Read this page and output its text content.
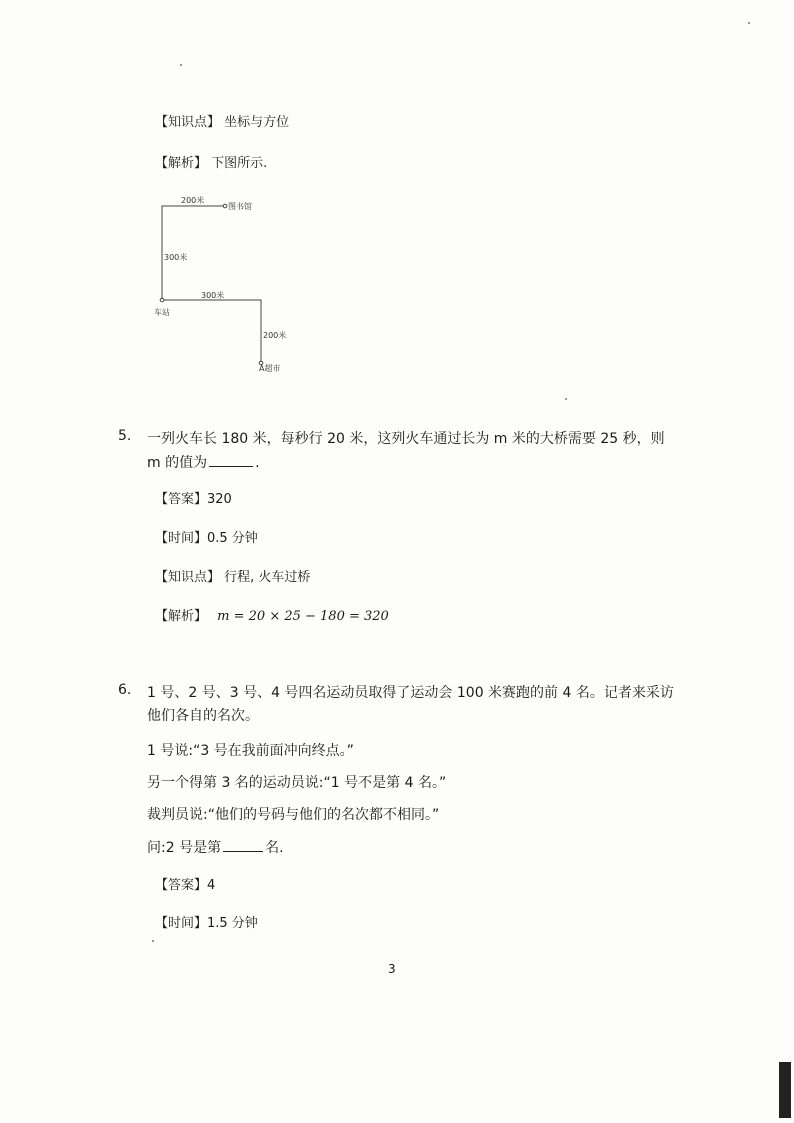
【知识点】 坐标与方位
【解析】 下图所示.
200米
图书馆
300米
300米
车站
200米
A超市
5. 一列火车长 180 米，每秒行 20 米，这列火车通过长为 m 米的大桥需要 25 秒，则
m 的值为	.
【答案】320
【时间】0.5 分钟
【知识点】 行程, 火车过桥
【解析】 m = 20 × 25 − 180 = 320
6. 1 号、2 号、3 号、4 号四名运动员取得了运动会 100 米赛跑的前 4 名。记者来采访
他们各自的名次。
1 号说:“3 号在我前面冲向终点。”
另一个得第 3 名的运动员说:“1 号不是第 4 名。”
裁判员说:“他们的号码与他们的名次都不相同。”
问:2 号是第	名.
【答案】4
【时间】1.5 分钟
3
